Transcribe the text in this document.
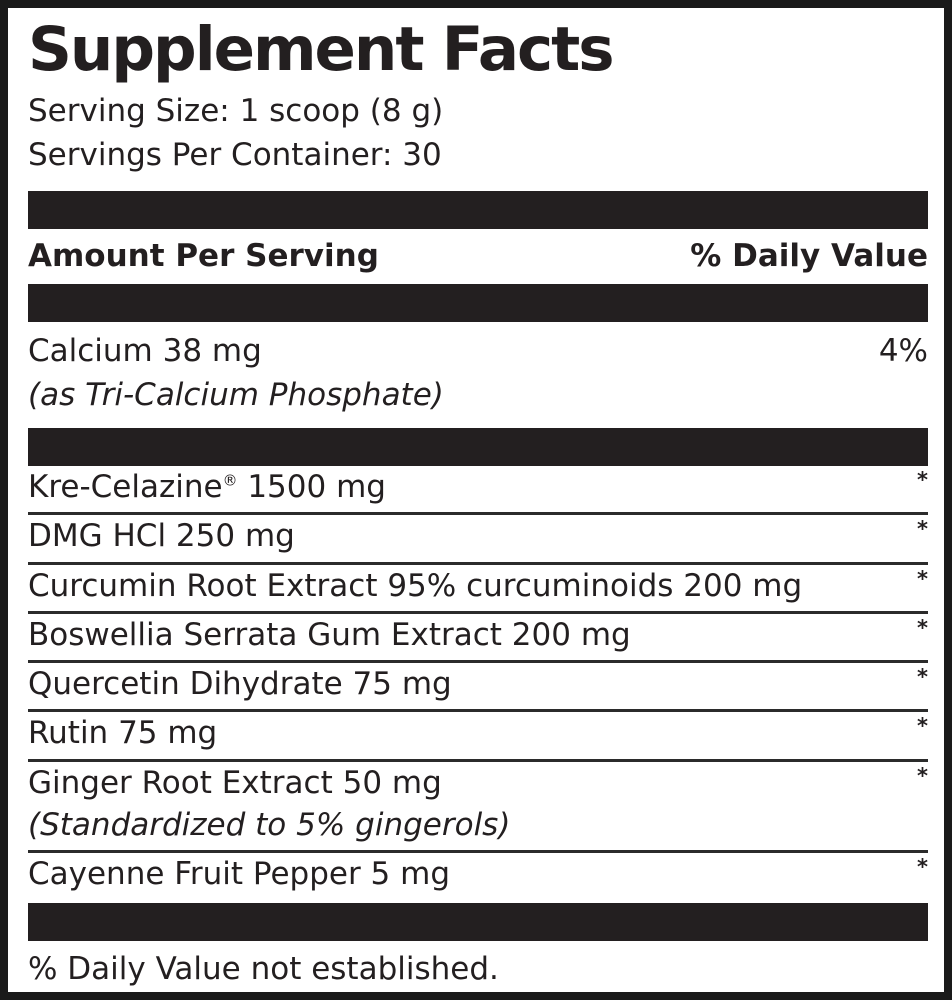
Supplement Facts
Serving Size: 1 scoop (8 g)
Servings Per Container: 30
Amount Per Serving	% Daily Value
Calcium 38 mg	4%
(as Tri-Calcium Phosphate)
Kre-Celazine® 1500 mg	*
DMG HCl 250 mg	*
Curcumin Root Extract 95% curcuminoids 200 mg	*
Boswellia Serrata Gum Extract 200 mg	*
Quercetin Dihydrate 75 mg	*
Rutin 75 mg	*
Ginger Root Extract 50 mg	*
(Standardized to 5% gingerols)
Cayenne Fruit Pepper 5 mg	*
% Daily Value not established.
